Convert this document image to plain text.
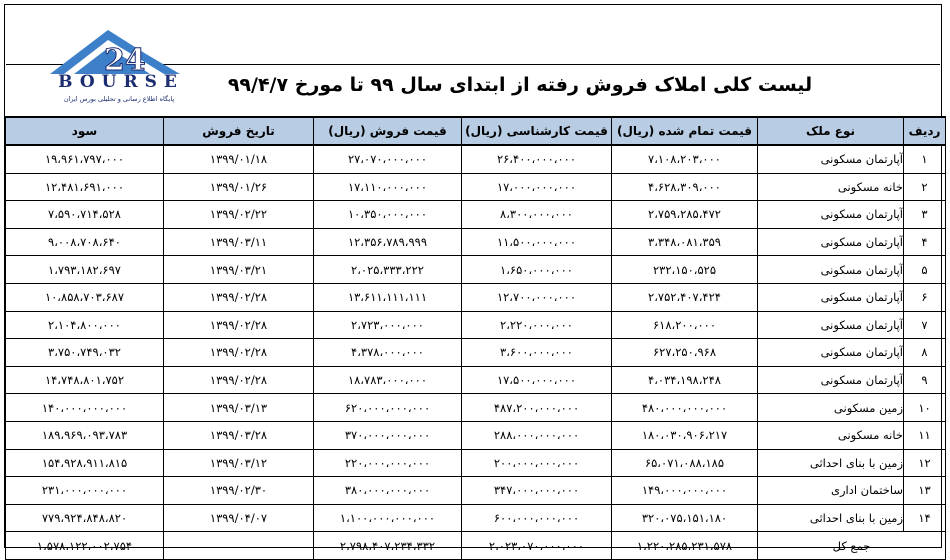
24
BOURSE
پایگاه اطلاع رسانی و تحلیلی بورس ایران
لیست کلی املاک فروش رفته از ابتدای سال ۹۹ تا مورخ ۹۹/۴/۷
ردیف	نوع ملک	قیمت تمام شده (ریال)	قیمت کارشناسی (ریال)	قیمت فروش (ریال)	تاریخ فروش	سود
۱	آپارتمان مسکونی	۷،۱۰۸،۲۰۳،۰۰۰	۲۶،۴۰۰،۰۰۰،۰۰۰	۲۷،۰۷۰،۰۰۰،۰۰۰	۱۳۹۹/۰۱/۱۸	۱۹،۹۶۱،۷۹۷،۰۰۰
۲	خانه مسکونی	۴،۶۲۸،۳۰۹،۰۰۰	۱۷،۰۰۰،۰۰۰،۰۰۰	۱۷،۱۱۰،۰۰۰،۰۰۰	۱۳۹۹/۰۱/۲۶	۱۲،۴۸۱،۶۹۱،۰۰۰
۳	آپارتمان مسکونی	۲،۷۵۹،۲۸۵،۴۷۲	۸،۳۰۰،۰۰۰،۰۰۰	۱۰،۳۵۰،۰۰۰،۰۰۰	۱۳۹۹/۰۲/۲۲	۷،۵۹۰،۷۱۴،۵۲۸
۴	آپارتمان مسکونی	۳،۳۴۸،۰۸۱،۳۵۹	۱۱،۵۰۰،۰۰۰،۰۰۰	۱۲،۳۵۶،۷۸۹،۹۹۹	۱۳۹۹/۰۳/۱۱	۹،۰۰۸،۷۰۸،۶۴۰
۵	آپارتمان مسکونی	۲۳۲،۱۵۰،۵۲۵	۱،۶۵۰،۰۰۰،۰۰۰	۲،۰۲۵،۳۳۳،۲۲۲	۱۳۹۹/۰۳/۲۱	۱،۷۹۳،۱۸۲،۶۹۷
۶	آپارتمان مسکونی	۲،۷۵۲،۴۰۷،۴۲۴	۱۲،۷۰۰،۰۰۰،۰۰۰	۱۳،۶۱۱،۱۱۱،۱۱۱	۱۳۹۹/۰۲/۲۸	۱۰،۸۵۸،۷۰۳،۶۸۷
۷	آپارتمان مسکونی	۶۱۸،۲۰۰،۰۰۰	۲،۲۲۰،۰۰۰،۰۰۰	۲،۷۲۳،۰۰۰،۰۰۰	۱۳۹۹/۰۲/۲۸	۲،۱۰۴،۸۰۰،۰۰۰
۸	آپارتمان مسکونی	۶۲۷،۲۵۰،۹۶۸	۳،۶۰۰،۰۰۰،۰۰۰	۴،۳۷۸،۰۰۰،۰۰۰	۱۳۹۹/۰۲/۲۸	۳،۷۵۰،۷۴۹،۰۳۲
۹	آپارتمان مسکونی	۴،۰۳۴،۱۹۸،۲۴۸	۱۷،۵۰۰،۰۰۰،۰۰۰	۱۸،۷۸۳،۰۰۰،۰۰۰	۱۳۹۹/۰۲/۲۸	۱۴،۷۴۸،۸۰۱،۷۵۲
۱۰	زمین مسکونی	۴۸۰،۰۰۰،۰۰۰،۰۰۰	۴۸۷،۲۰۰،۰۰۰،۰۰۰	۶۲۰،۰۰۰،۰۰۰،۰۰۰	۱۳۹۹/۰۳/۱۳	۱۴۰،۰۰۰،۰۰۰،۰۰۰
۱۱	خانه مسکونی	۱۸۰،۰۳۰،۹۰۶،۲۱۷	۲۸۸،۰۰۰،۰۰۰،۰۰۰	۳۷۰،۰۰۰،۰۰۰،۰۰۰	۱۳۹۹/۰۳/۲۸	۱۸۹،۹۶۹،۰۹۳،۷۸۳
۱۲	زمین با بنای احداثی	۶۵،۰۷۱،۰۸۸،۱۸۵	۲۰۰،۰۰۰،۰۰۰،۰۰۰	۲۲۰،۰۰۰،۰۰۰،۰۰۰	۱۳۹۹/۰۳/۱۲	۱۵۴،۹۲۸،۹۱۱،۸۱۵
۱۳	ساختمان اداری	۱۴۹،۰۰۰،۰۰۰،۰۰۰	۳۴۷،۰۰۰،۰۰۰،۰۰۰	۳۸۰،۰۰۰،۰۰۰،۰۰۰	۱۳۹۹/۰۲/۳۰	۲۳۱،۰۰۰،۰۰۰،۰۰۰
۱۴	زمین با بنای احداثی	۳۲۰،۰۷۵،۱۵۱،۱۸۰	۶۰۰،۰۰۰،۰۰۰،۰۰۰	۱،۱۰۰،۰۰۰،۰۰۰،۰۰۰	۱۳۹۹/۰۴/۰۷	۷۷۹،۹۲۴،۸۴۸،۸۲۰
جمع کل		۱،۲۲۰،۲۸۵،۲۳۱،۵۷۸	۲،۰۲۳،۰۷۰،۰۰۰،۰۰۰	۲،۷۹۸،۴۰۷،۲۳۴،۳۳۲		۱،۵۷۸،۱۲۲،۰۰۲،۷۵۴
